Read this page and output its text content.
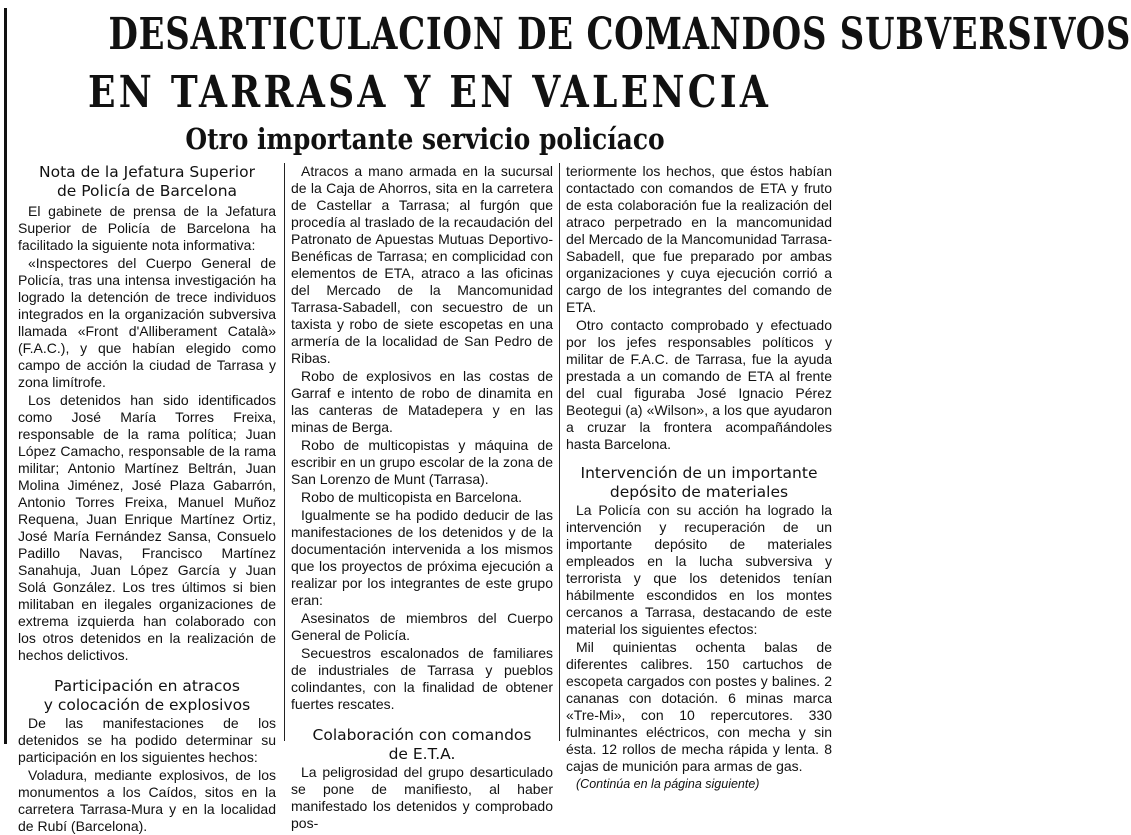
DESARTICULACION DE COMANDOS SUBVERSIVOS
EN TARRASA Y EN VALENCIA
Otro importante servicio policíaco
Nota de la Jefatura Superior
de Policía de Barcelona

El gabinete de prensa de la Jefatura Superior de Policía de Barcelona ha facilitado la siguiente nota informativa:

«Inspectores del Cuerpo General de Policía, tras una intensa investigación ha logrado la detención de trece individuos integrados en la organización subversiva llamada «Front d'Alliberament Català» (F.A.C.), y que habían elegido como campo de acción la ciudad de Tarrasa y zona limítrofe.

Los detenidos han sido identificados como José María Torres Freixa, responsable de la rama política; Juan López Camacho, responsable de la rama militar; Antonio Martínez Beltrán, Juan Molina Jiménez, José Plaza Gabarrón, Antonio Torres Freixa, Manuel Muñoz Requena, Juan Enrique Martínez Ortiz, José María Fernández Sansa, Consuelo Padillo Navas, Francisco Martínez Sanahuja, Juan López García y Juan Solá González. Los tres últimos si bien militaban en ilegales organizaciones de extrema izquierda han colaborado con los otros detenidos en la realización de hechos delictivos.

Participación en atracos
y colocación de explosivos

De las manifestaciones de los detenidos se ha podido determinar su participación en los siguientes hechos:

Voladura, mediante explosivos, de los monumentos a los Caídos, sitos en la carretera Tarrasa-Mura y en la localidad de Rubí (Barcelona).

Atracos a mano armada en la sucursal de la Caja de Ahorros, sita en la carretera de Castellar a Tarrasa; al furgón que procedía al traslado de la recaudación del Patronato de Apuestas Mutuas Deportivo-Benéficas de Tarrasa; en complicidad con elementos de ETA, atraco a las oficinas del Mercado de la Mancomunidad Tarrasa-Sabadell, con secuestro de un taxista y robo de siete escopetas en una armería de la localidad de San Pedro de Ribas.

Robo de explosivos en las costas de Garraf e intento de robo de dinamita en las canteras de Matadepera y en las minas de Berga.

Robo de multicopistas y máquina de escribir en un grupo escolar de la zona de San Lorenzo de Munt (Tarrasa).

Robo de multicopista en Barcelona.

Igualmente se ha podido deducir de las manifestaciones de los detenidos y de la documentación intervenida a los mismos que los proyectos de próxima ejecución a realizar por los integrantes de este grupo eran:

Asesinatos de miembros del Cuerpo General de Policía.

Secuestros escalonados de familiares de industriales de Tarrasa y pueblos colindantes, con la finalidad de obtener fuertes rescates.

Colaboración con comandos
de E.T.A.

La peligrosidad del grupo desarticulado se pone de manifiesto, al haber manifestado los detenidos y comprobado pos-

teriormente los hechos, que éstos habían contactado con comandos de ETA y fruto de esta colaboración fue la realización del atraco perpetrado en la mancomunidad del Mercado de la Mancomunidad Tarrasa-Sabadell, que fue preparado por ambas organizaciones y cuya ejecución corrió a cargo de los integrantes del comando de ETA.

Otro contacto comprobado y efectuado por los jefes responsables políticos y militar de F.A.C. de Tarrasa, fue la ayuda prestada a un comando de ETA al frente del cual figuraba José Ignacio Pérez Beotegui (a) «Wilson», a los que ayudaron a cruzar la frontera acompañándoles hasta Barcelona.

Intervención de un importante
depósito de materiales

La Policía con su acción ha logrado la intervención y recuperación de un importante depósito de materiales empleados en la lucha subversiva y terrorista y que los detenidos tenían hábilmente escondidos en los montes cercanos a Tarrasa, destacando de este material los siguientes efectos:

Mil quinientas ochenta balas de diferentes calibres. 150 cartuchos de escopeta cargados con postes y balines. 2 cananas con dotación. 6 minas marca «Tre-Mi», con 10 repercutores. 330 fulminantes eléctricos, con mecha y sin ésta. 12 rollos de mecha rápida y lenta. 8 cajas de munición para armas de gas.

(Continúa en la página siguiente)
